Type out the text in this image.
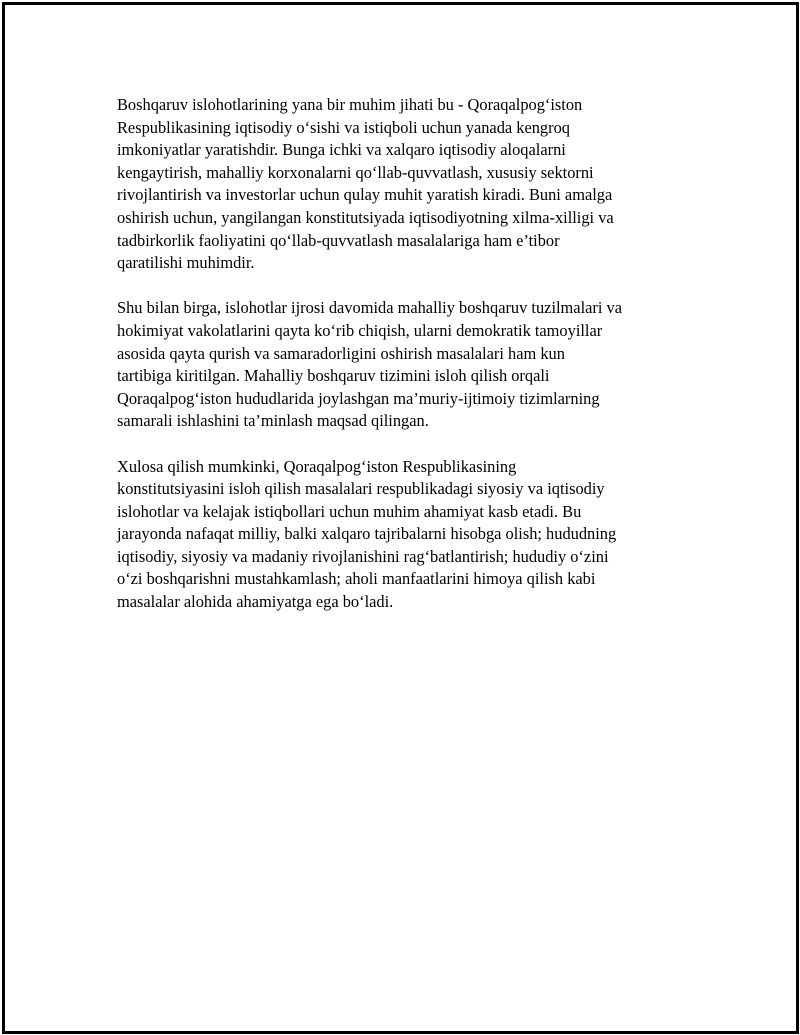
Boshqaruv islohotlarining yana bir muhim jihati bu - Qoraqalpog‘iston
Respublikasining iqtisodiy o‘sishi va istiqboli uchun yanada kengroq
imkoniyatlar yaratishdir. Bunga ichki va xalqaro iqtisodiy aloqalarni
kengaytirish, mahalliy korxonalarni qo‘llab-quvvatlash, xususiy sektorni
rivojlantirish va investorlar uchun qulay muhit yaratish kiradi. Buni amalga
oshirish uchun, yangilangan konstitutsiyada iqtisodiyotning xilma-xilligi va
tadbirkorlik faoliyatini qo‘llab-quvvatlash masalalariga ham e’tibor
qaratilishi muhimdir.

Shu bilan birga, islohotlar ijrosi davomida mahalliy boshqaruv tuzilmalari va
hokimiyat vakolatlarini qayta ko‘rib chiqish, ularni demokratik tamoyillar
asosida qayta qurish va samaradorligini oshirish masalalari ham kun
tartibiga kiritilgan. Mahalliy boshqaruv tizimini isloh qilish orqali
Qoraqalpog‘iston hududlarida joylashgan ma’muriy-ijtimoiy tizimlarning
samarali ishlashini ta’minlash maqsad qilingan.

Xulosa qilish mumkinki, Qoraqalpog‘iston Respublikasining
konstitutsiyasini isloh qilish masalalari respublikadagi siyosiy va iqtisodiy
islohotlar va kelajak istiqbollari uchun muhim ahamiyat kasb etadi. Bu
jarayonda nafaqat milliy, balki xalqaro tajribalarni hisobga olish; hududning
iqtisodiy, siyosiy va madaniy rivojlanishini rag‘batlantirish; hududiy o‘zini
o‘zi boshqarishni mustahkamlash; aholi manfaatlarini himoya qilish kabi
masalalar alohida ahamiyatga ega bo‘ladi.
